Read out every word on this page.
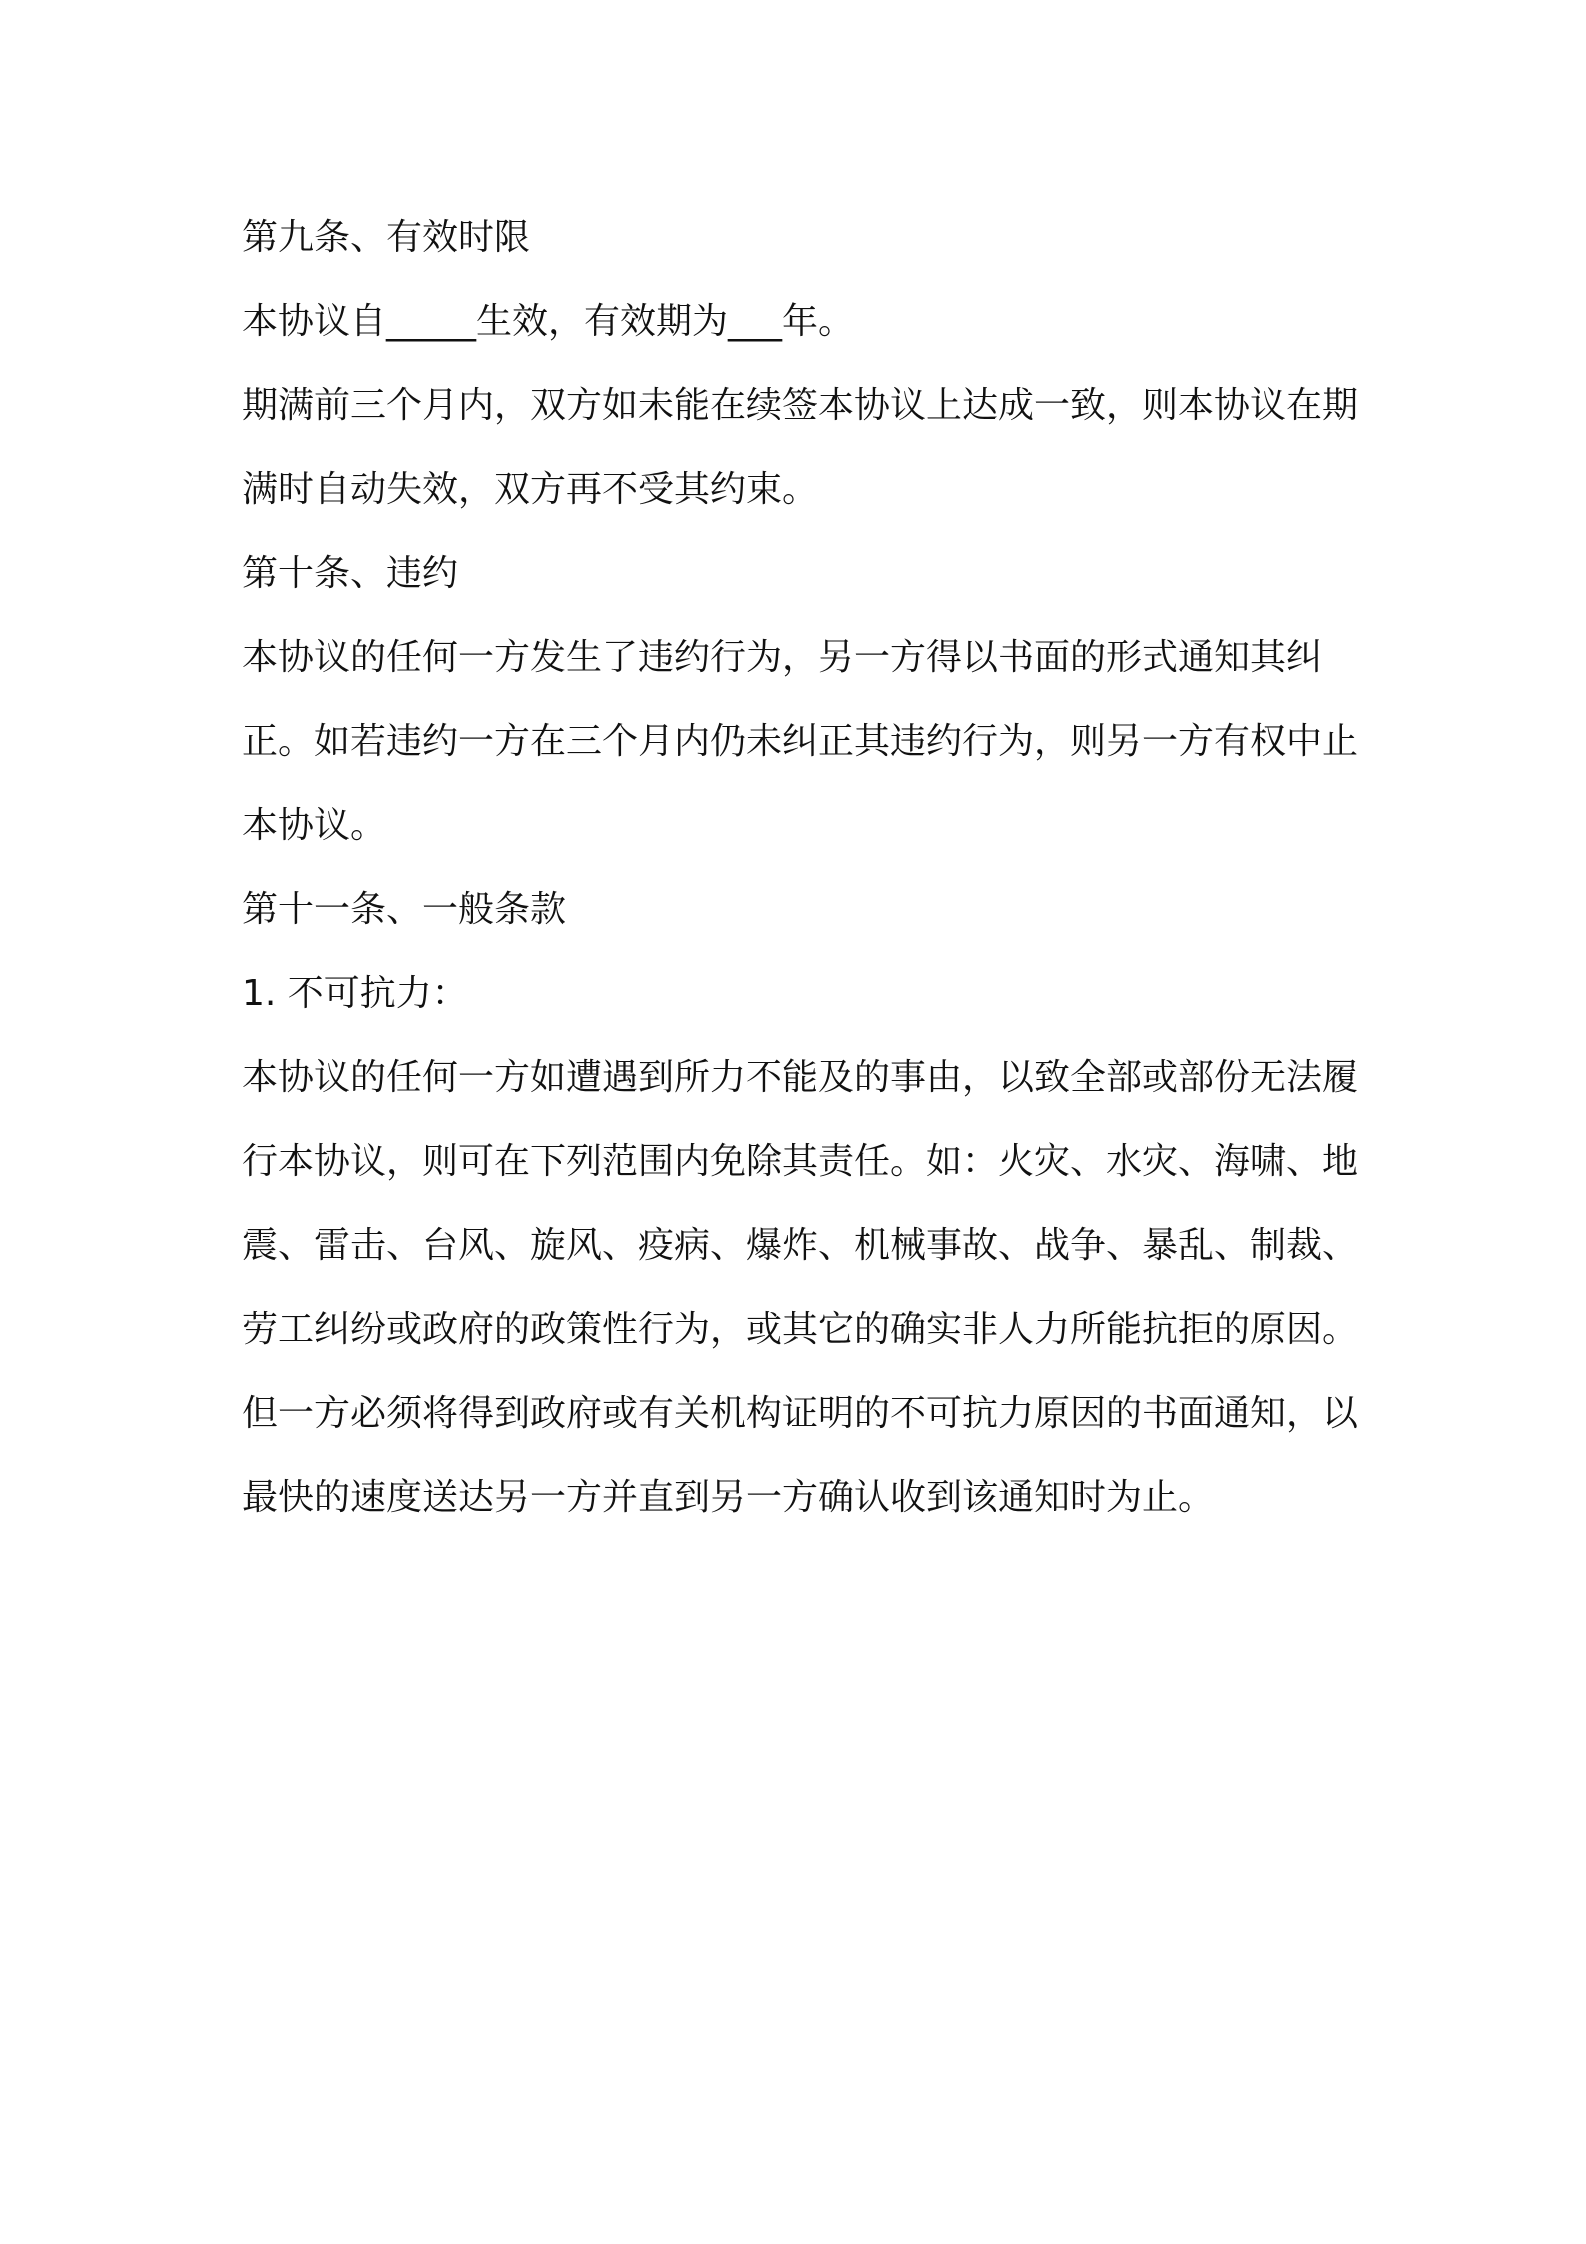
第九条、有效时限

本协议自_____生效，有效期为___年。

期满前三个月内，双方如未能在续签本协议上达成一致，则本协议在期满时自动失效，双方再不受其约束。

第十条、违约

本协议的任何一方发生了违约行为，另一方得以书面的形式通知其纠正。如若违约一方在三个月内仍未纠正其违约行为，则另一方有权中止本协议。

第十一条、一般条款

1. 不可抗力：

本协议的任何一方如遭遇到所力不能及的事由，以致全部或部份无法履行本协议，则可在下列范围内免除其责任。如：火灾、水灾、海啸、地震、雷击、台风、旋风、疫病、爆炸、机械事故、战争、暴乱、制裁、劳工纠纷或政府的政策性行为，或其它的确实非人力所能抗拒的原因。

但一方必须将得到政府或有关机构证明的不可抗力原因的书面通知，以最快的速度送达另一方并直到另一方确认收到该通知时为止。
